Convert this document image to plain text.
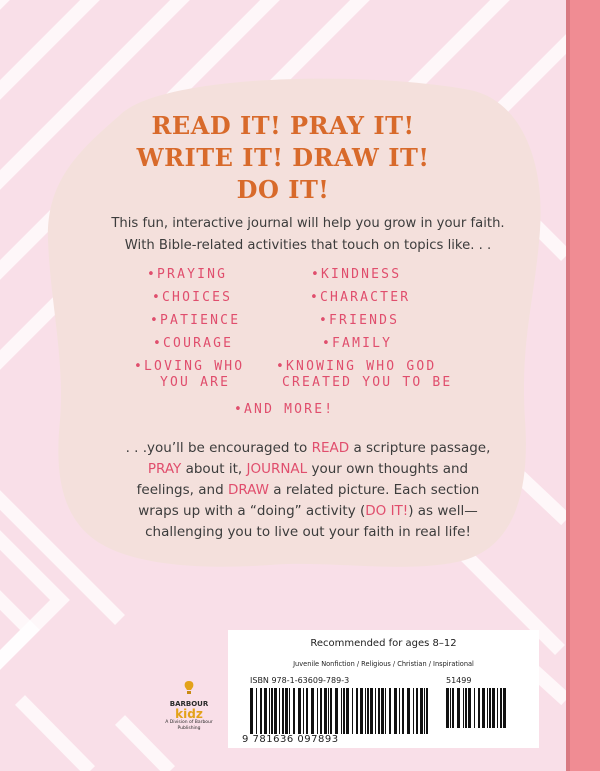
READ IT! PRAY IT!
WRITE IT! DRAW IT!
DO IT!
This fun, interactive journal will help you grow in your faith.
With Bible-related activities that touch on topics like. . .
•PRAYING	•KINDNESS
•CHOICES	•CHARACTER
•PATIENCE	•FRIENDS
•COURAGE	•FAMILY
•LOVING WHO
YOU ARE
•KNOWING WHO GOD
CREATED YOU TO BE
•AND MORE!
. . .you’ll be encouraged to READ a scripture passage,
PRAY about it, JOURNAL your own thoughts and
feelings, and DRAW a related picture. Each section
wraps up with a “doing” activity (DO IT!) as well—
challenging you to live out your faith in real life!
BARBOUR
kidz
A Division of Barbour Publishing
Recommended for ages 8–12
Juvenile Nonfiction / Religious / Christian / Inspirational
ISBN 978-1-63609-789-3	51499
9 781636 097893
